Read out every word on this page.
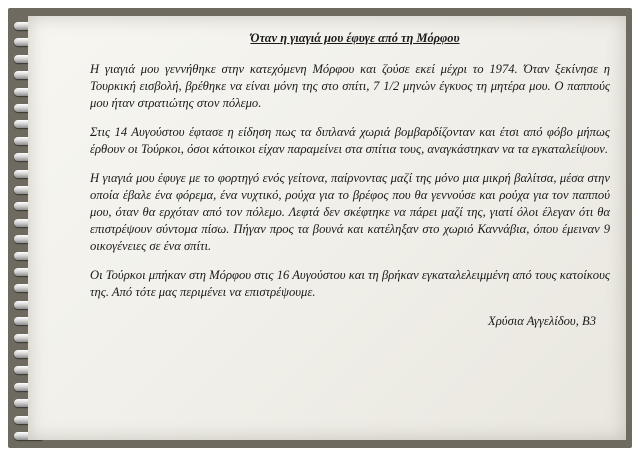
Όταν η γιαγιά μου έφυγε από τη Μόρφου

Η γιαγιά μου γεννήθηκε στην κατεχόμενη Μόρφου και ζούσε εκεί μέχρι το 1974. Όταν ξεκίνησε η Τουρκική εισβολή, βρέθηκε να είναι μόνη της στο σπίτι, 7 1/2 μηνών έγκυος τη μητέρα μου. Ο παππούς μου ήταν στρατιώτης στον πόλεμο.

Στις 14 Αυγούστου έφτασε η είδηση πως τα διπλανά χωριά βομβαρδίζονταν και έτσι από φόβο μήπως έρθουν οι Τούρκοι, όσοι κάτοικοι είχαν παραμείνει στα σπίτια τους, αναγκάστηκαν να τα εγκαταλείψουν.

Η γιαγιά μου έφυγε με το φορτηγό ενός γείτονα, παίρνοντας μαζί της μόνο μια μικρή βαλίτσα, μέσα στην οποία έβαλε ένα φόρεμα, ένα νυχτικό, ρούχα για το βρέφος που θα γεννούσε και ρούχα για τον παππού μου, όταν θα ερχόταν από τον πόλεμο. Λεφτά δεν σκέφτηκε να πάρει μαζί της, γιατί όλοι έλεγαν ότι θα επιστρέψουν σύντομα πίσω. Πήγαν προς τα βουνά και κατέληξαν στο χωριό Καννάβια, όπου έμειναν 9 οικογένειες σε ένα σπίτι.

Οι Τούρκοι μπήκαν στη Μόρφου στις 16 Αυγούστου και τη βρήκαν εγκαταλελειμμένη από τους κατοίκους της. Από τότε μας περιμένει να επιστρέψουμε.

Χρύσια Αγγελίδου, Β3
